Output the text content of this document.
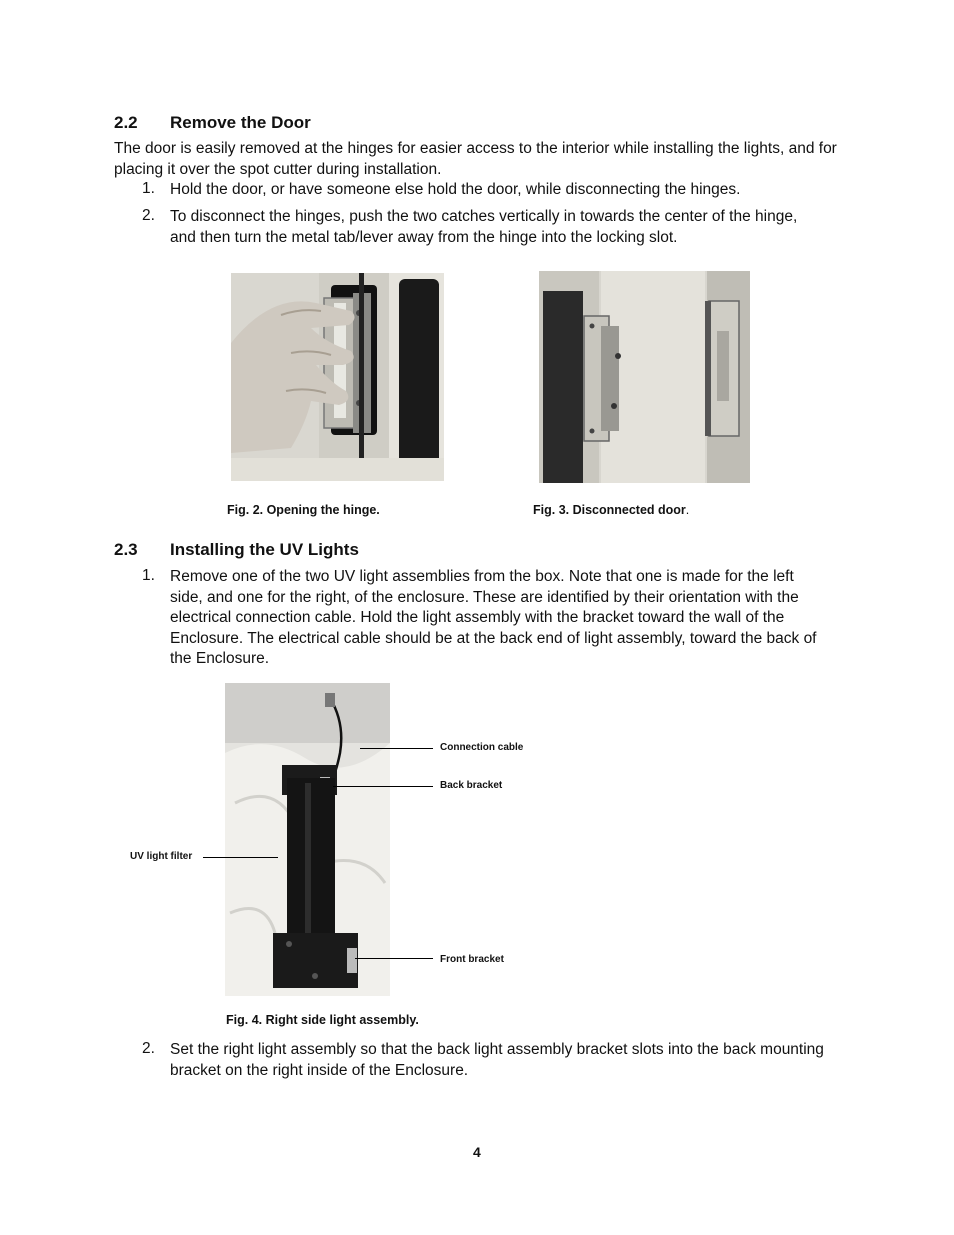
2.2 Remove the Door
The door is easily removed at the hinges for easier access to the interior while installing the lights, and for placing it over the spot cutter during installation.
1. Hold the door, or have someone else hold the door, while disconnecting the hinges.
2. To disconnect the hinges, push the two catches vertically in towards the center of the hinge, and then turn the metal tab/lever away from the hinge into the locking slot.
Fig. 2. Opening the hinge.	Fig. 3. Disconnected door.
2.3 Installing the UV Lights
1. Remove one of the two UV light assemblies from the box. Note that one is made for the left side, and one for the right, of the enclosure. These are identified by their orientation with the electrical connection cable. Hold the light assembly with the bracket toward the wall of the Enclosure. The electrical cable should be at the back end of light assembly, toward the back of the Enclosure.
Connection cable
Back bracket
UV light filter
Front bracket
Fig. 4. Right side light assembly.
2. Set the right light assembly so that the back light assembly bracket slots into the back mounting bracket on the right inside of the Enclosure.
4
